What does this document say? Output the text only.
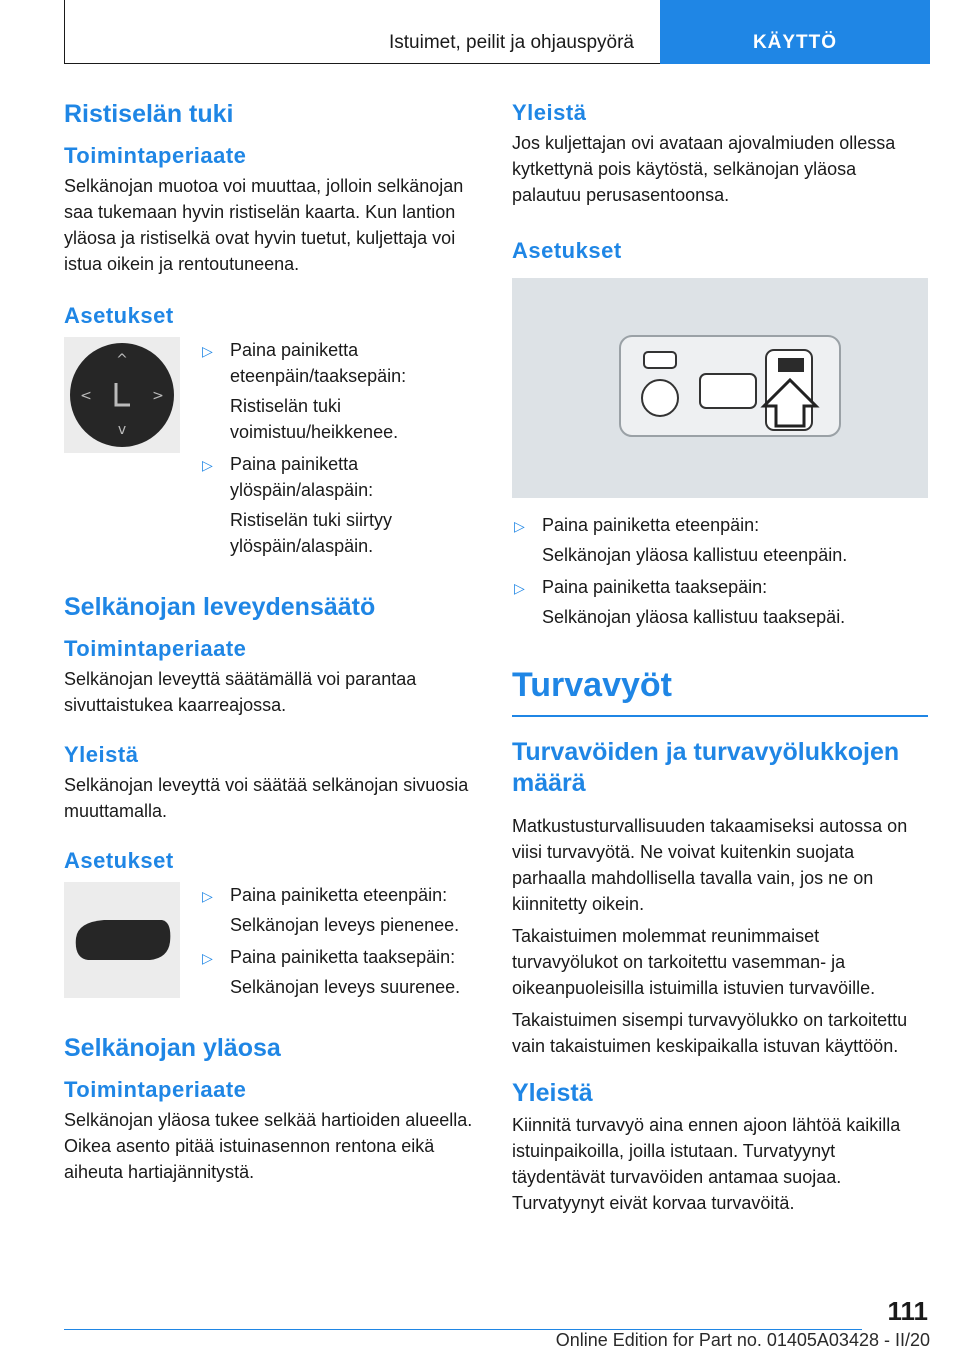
Istuimet, peilit ja ohjauspyörä	KÄYTTÖ
Ristiselän tuki
Toimintaperiaate

Selkänojan muotoa voi muuttaa, jolloin selkänojan saa tukemaan hyvin ristiselän kaarta. Kun lantion yläosa ja ristiselkä ovat hyvin tuetut, kuljettaja voi istua oikein ja rentoutuneena.

Asetukset
^
v
<	>
▷ Paina painiketta eteenpäin/taaksepäin:
Ristiselän tuki voimistuu/heikkenee.
▷ Paina painiketta ylöspäin/alaspäin:
Ristiselän tuki siirtyy ylöspäin/alaspäin.
Selkänojan leveydensäätö
Toimintaperiaate

Selkänojan leveyttä säätämällä voi parantaa sivuttaistukea kaarreajossa.

Yleistä

Selkänojan leveyttä voi säätää selkänojan sivuosia muuttamalla.

Asetukset
▷ Paina painiketta eteenpäin:
Selkänojan leveys pienenee.
▷ Paina painiketta taaksepäin:
Selkänojan leveys suurenee.
Selkänojan yläosa
Toimintaperiaate

Selkänojan yläosa tukee selkää hartioiden alueella. Oikea asento pitää istuinasennon rentona eikä aiheuta hartiajännitystä.

Yleistä

Jos kuljettajan ovi avataan ajovalmiuden ollessa kytkettynä pois käytöstä, selkänojan yläosa palautuu perusasentoonsa.

Asetukset
▷ Paina painiketta eteenpäin:
Selkänojan yläosa kallistuu eteenpäin.
▷ Paina painiketta taaksepäin:
Selkänojan yläosa kallistuu taaksepäi.
Turvavyöt
Turvavöiden ja turvavyölukkojen määrä

Matkustusturvallisuuden takaamiseksi autossa on viisi turvavyötä. Ne voivat kuitenkin suojata parhaalla mahdollisella tavalla vain, jos ne on kiinnitetty oikein.

Takaistuimen molemmat reunimmaiset turvavyölukot on tarkoitettu vasemman- ja oikeanpuoleisilla istuimilla istuvien turvavöille.

Takaistuimen sisempi turvavyölukko on tarkoitettu vain takaistuimen keskipaikalla istuvan käyttöön.

Yleistä

Kiinnitä turvavyö aina ennen ajoon lähtöä kaikilla istuinpaikoilla, joilla istutaan. Turvatyynyt täydentävät turvavöiden antamaa suojaa. Turvatyynyt eivät korvaa turvavöitä.

111
Online Edition for Part no. 01405A03428 - II/20
